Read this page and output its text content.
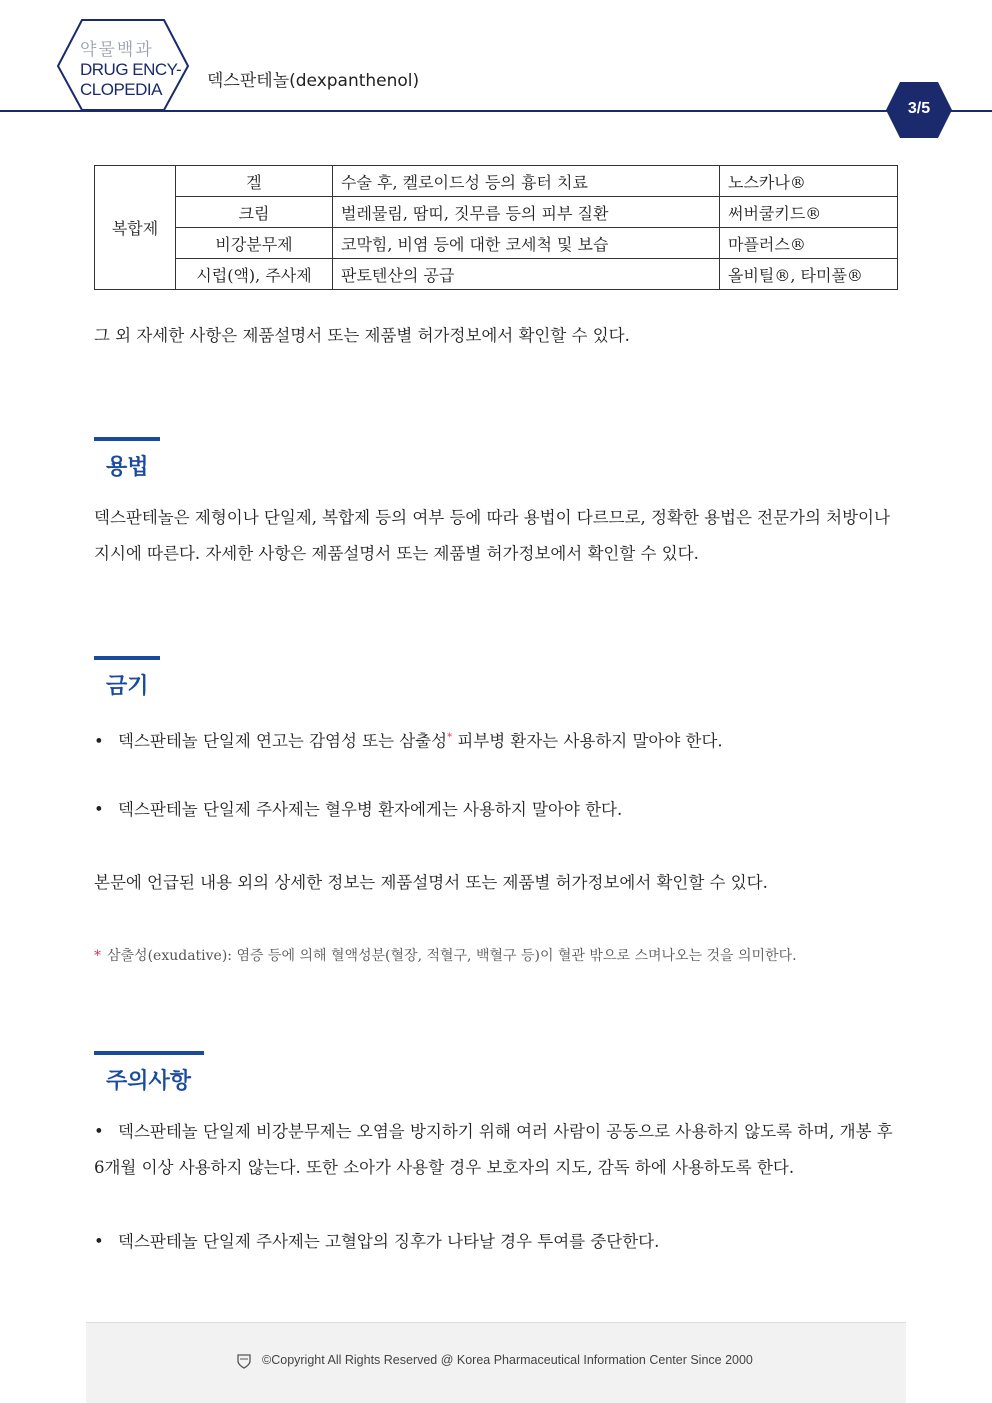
약물백과
DRUG ENCY-
CLOPEDIA	덱스판테놀(dexpanthenol)
3/5
복합제	겔	수술 후, 켈로이드성 등의 흉터 치료	노스카나®
	크림	벌레물림, 땀띠, 짓무름 등의 피부 질환	써버쿨키드®
	비강분무제	코막힘, 비염 등에 대한 코세척 및 보습	마플러스®
	시럽(액), 주사제	판토텐산의 공급	올비틸®, 타미풀®
그 외 자세한 사항은 제품설명서 또는 제품별 허가정보에서 확인할 수 있다.
용법
덱스판테놀은 제형이나 단일제, 복합제 등의 여부 등에 따라 용법이 다르므로, 정확한 용법은 전문가의 처방이나 지시에 따른다. 자세한 사항은 제품설명서 또는 제품별 허가정보에서 확인할 수 있다.
금기
• 덱스판테놀 단일제 연고는 감염성 또는 삼출성* 피부병 환자는 사용하지 말아야 한다.
• 덱스판테놀 단일제 주사제는 혈우병 환자에게는 사용하지 말아야 한다.
본문에 언급된 내용 외의 상세한 정보는 제품설명서 또는 제품별 허가정보에서 확인할 수 있다.
* 삼출성(exudative): 염증 등에 의해 혈액성분(혈장, 적혈구, 백혈구 등)이 혈관 밖으로 스며나오는 것을 의미한다.
주의사항
• 덱스판테놀 단일제 비강분무제는 오염을 방지하기 위해 여러 사람이 공동으로 사용하지 않도록 하며, 개봉 후 6개월 이상 사용하지 않는다. 또한 소아가 사용할 경우 보호자의 지도, 감독 하에 사용하도록 한다.
• 덱스판테놀 단일제 주사제는 고혈압의 징후가 나타날 경우 투여를 중단한다.
©Copyright All Rights Reserved @ Korea Pharmaceutical Information Center Since 2000
